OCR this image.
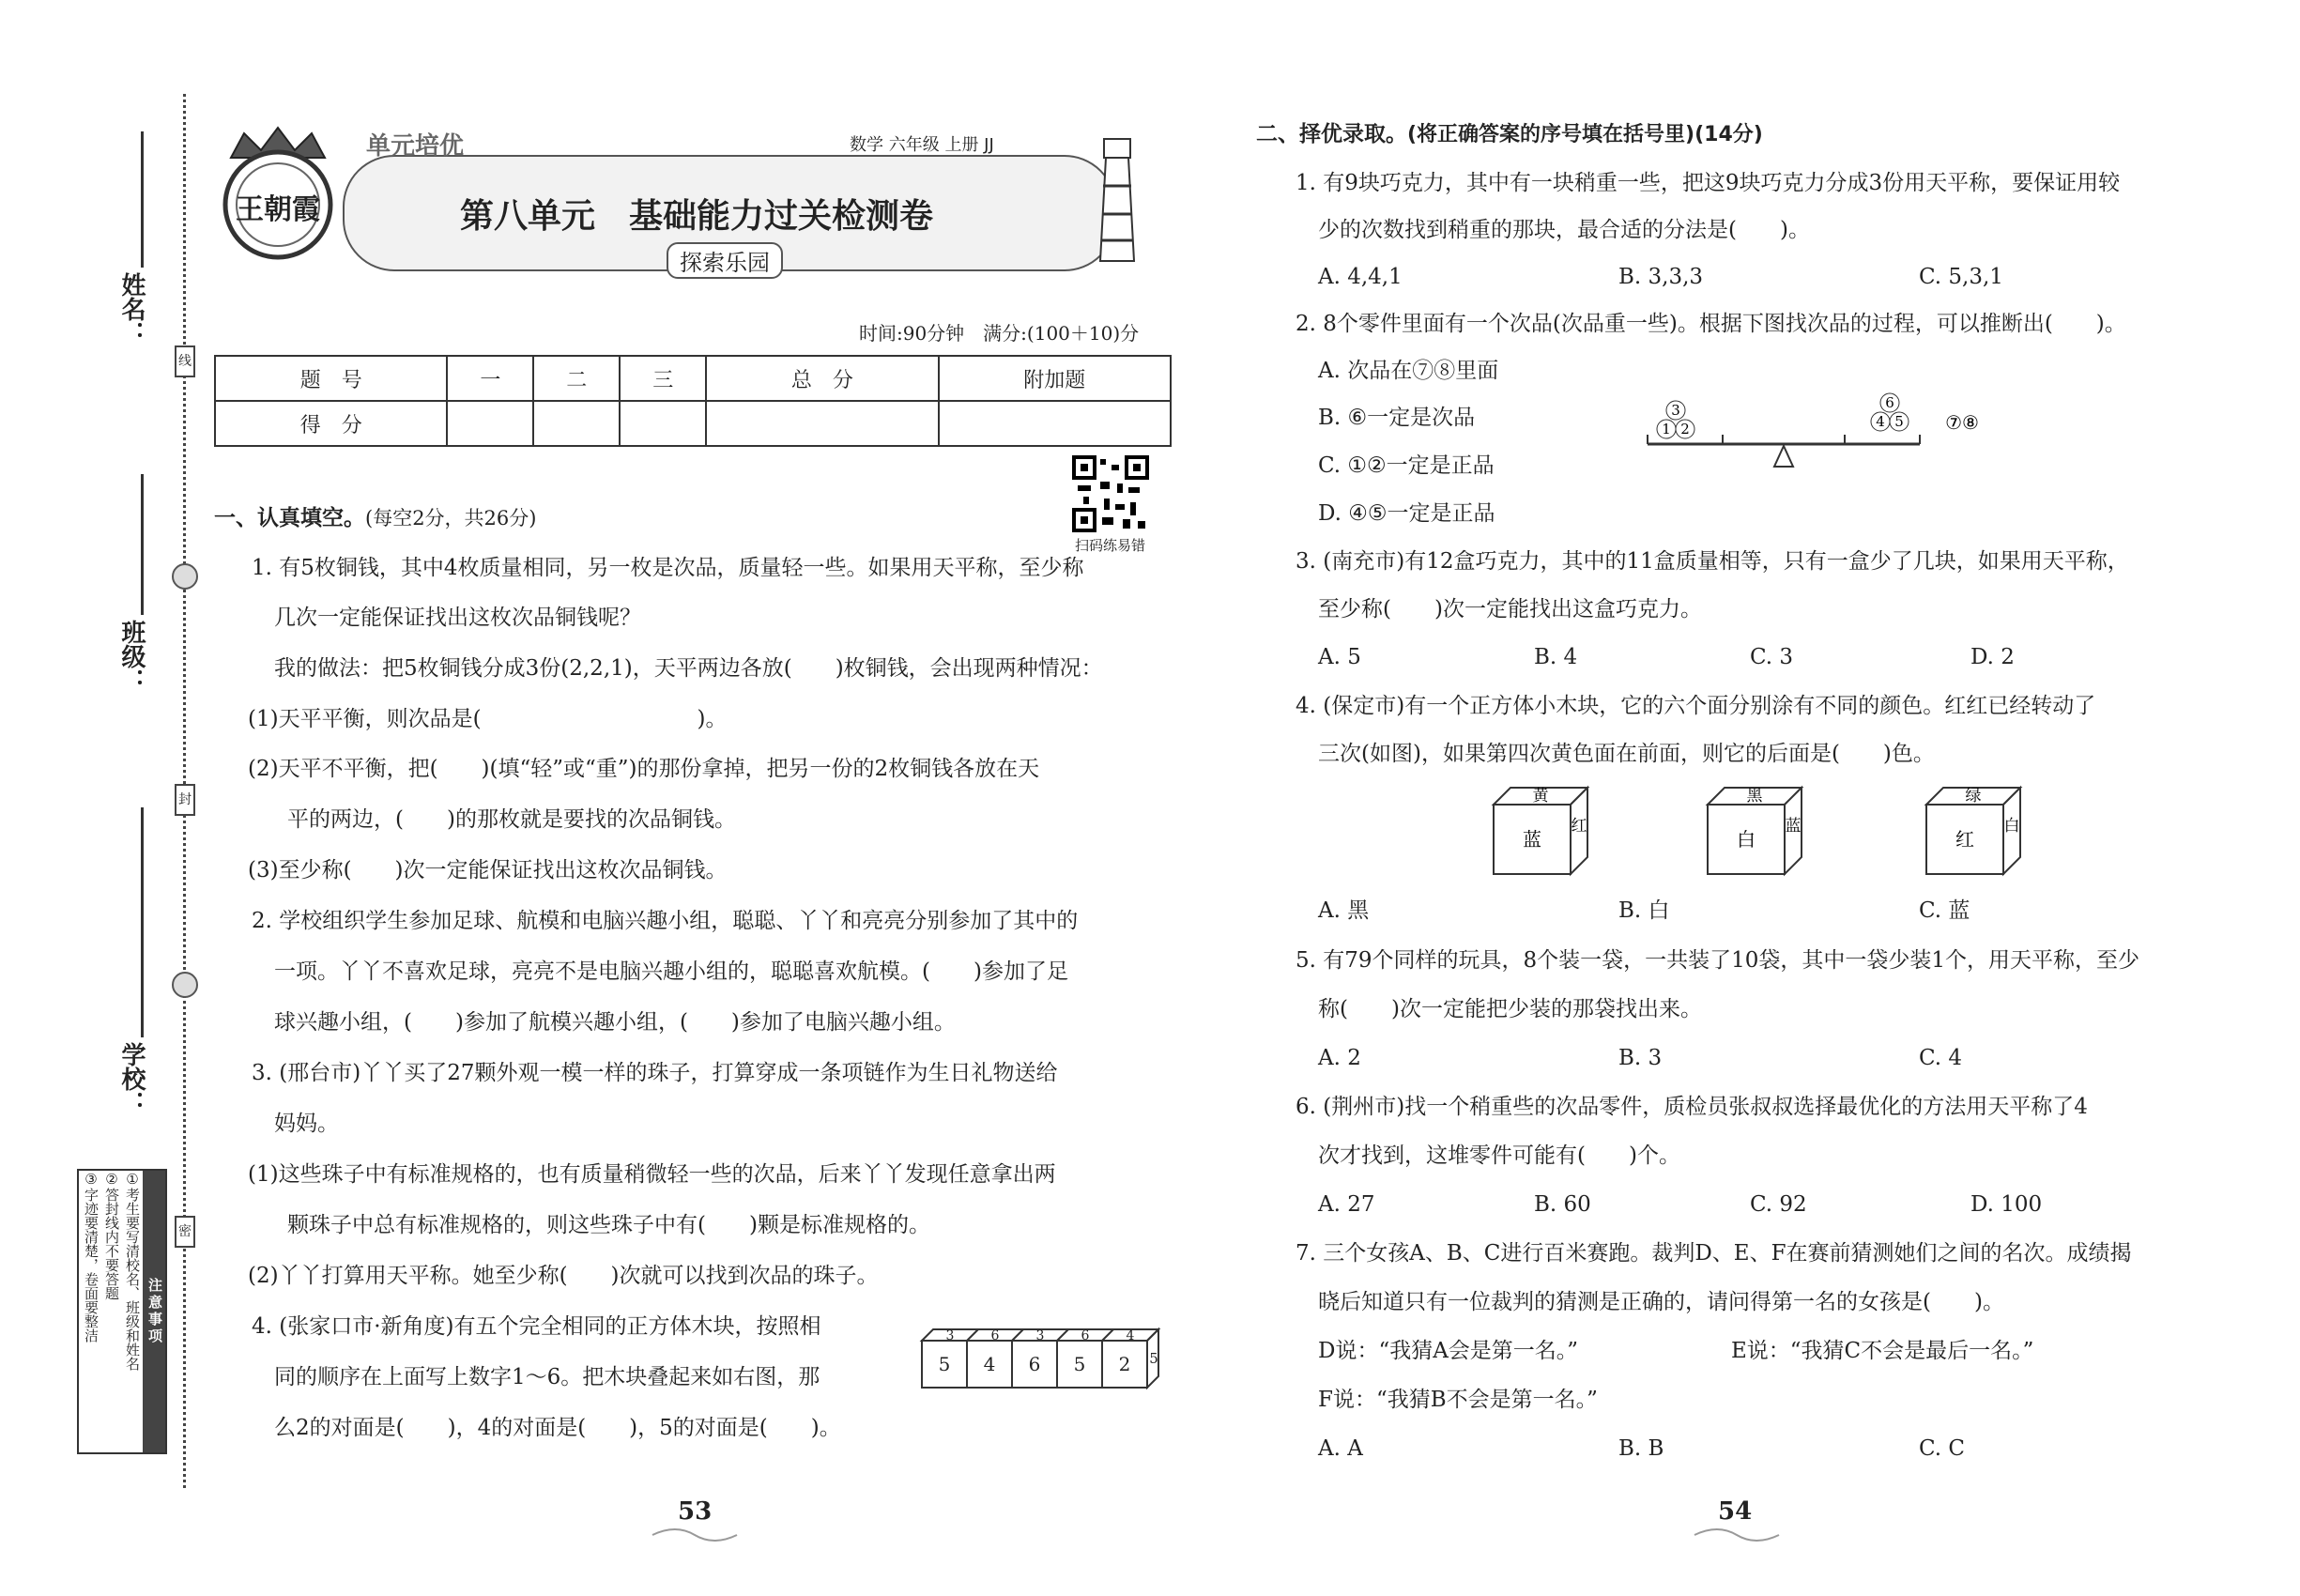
姓名：
班级：
学校：
线
封
密
注意事项
①考生要写清校名、班级和姓名
②答封线内不要答题
③字迹要清楚，卷面要整洁
王朝霞
单元培优	数学 六年级 上册 JJ
第八单元　基础能力过关检测卷
探索乐园
时间:90分钟　满分:(100＋10)分
题　号	一	二	三	总　分	附加题
得　分					
扫码练易错
一、认真填空。(每空2分，共26分)
1. 有5枚铜钱，其中4枚质量相同，另一枚是次品，质量轻一些。如果用天平称，至少称
几次一定能保证找出这枚次品铜钱呢？
我的做法：把5枚铜钱分成3份(2,2,1)，天平两边各放(　　)枚铜钱，会出现两种情况：
(1)天平平衡，则次品是(　　　　　　　　　　)。
(2)天平不平衡，把(　　)(填“轻”或“重”)的那份拿掉，把另一份的2枚铜钱各放在天
平的两边，(　　)的那枚就是要找的次品铜钱。
(3)至少称(　　)次一定能保证找出这枚次品铜钱。
2. 学校组织学生参加足球、航模和电脑兴趣小组，聪聪、丫丫和亮亮分别参加了其中的
一项。丫丫不喜欢足球，亮亮不是电脑兴趣小组的，聪聪喜欢航模。(　　)参加了足
球兴趣小组，(　　)参加了航模兴趣小组，(　　)参加了电脑兴趣小组。
3. (邢台市)丫丫买了27颗外观一模一样的珠子，打算穿成一条项链作为生日礼物送给
妈妈。
(1)这些珠子中有标准规格的，也有质量稍微轻一些的次品，后来丫丫发现任意拿出两
颗珠子中总有标准规格的，则这些珠子中有(　　)颗是标准规格的。
(2)丫丫打算用天平称。她至少称(　　)次就可以找到次品的珠子。
4. (张家口市·新角度)有五个完全相同的正方体木块，按照相
同的顺序在上面写上数字1～6。把木块叠起来如右图，那
么2的对面是(　　)，4的对面是(　　)，5的对面是(　　)。
3	6	3	6	4
5 4 6 5 2 5
53
二、择优录取。(将正确答案的序号填在括号里)(14分)
1. 有9块巧克力，其中有一块稍重一些，把这9块巧克力分成3份用天平称，要保证用较
少的次数找到稍重的那块，最合适的分法是(　　)。
A. 4,4,1	B. 3,3,3	C. 5,3,1
2. 8个零件里面有一个次品(次品重一些)。根据下图找次品的过程，可以推断出(　　)。
A. 次品在⑦⑧里面
B. ⑥一定是次品
C. ①②一定是正品
D. ④⑤一定是正品
3
1 2
6
4 5 ⑦⑧
3. (南充市)有12盒巧克力，其中的11盒质量相等，只有一盒少了几块，如果用天平称，
至少称(　　)次一定能找出这盒巧克力。
A. 5	B. 4	C. 3	D. 2
4. (保定市)有一个正方体小木块，它的六个面分别涂有不同的颜色。红红已经转动了
三次(如图)，如果第四次黄色面在前面，则它的后面是(　　)色。
黄
蓝
红
黑
白
蓝
绿
红
白
A. 黑	B. 白	C. 蓝
5. 有79个同样的玩具，8个装一袋，一共装了10袋，其中一袋少装1个，用天平称，至少
称(　　)次一定能把少装的那袋找出来。
A. 2	B. 3	C. 4
6. (荆州市)找一个稍重些的次品零件，质检员张叔叔选择最优化的方法用天平称了4
次才找到，这堆零件可能有(　　)个。
A. 27	B. 60	C. 92	D. 100
7. 三个女孩A、B、C进行百米赛跑。裁判D、E、F在赛前猜测她们之间的名次。成绩揭
晓后知道只有一位裁判的猜测是正确的，请问得第一名的女孩是(　　)。
D说：“我猜A会是第一名。”	E说：“我猜C不会是最后一名。”
F说：“我猜B不会是第一名。”
A. A	B. B	C. C
54
